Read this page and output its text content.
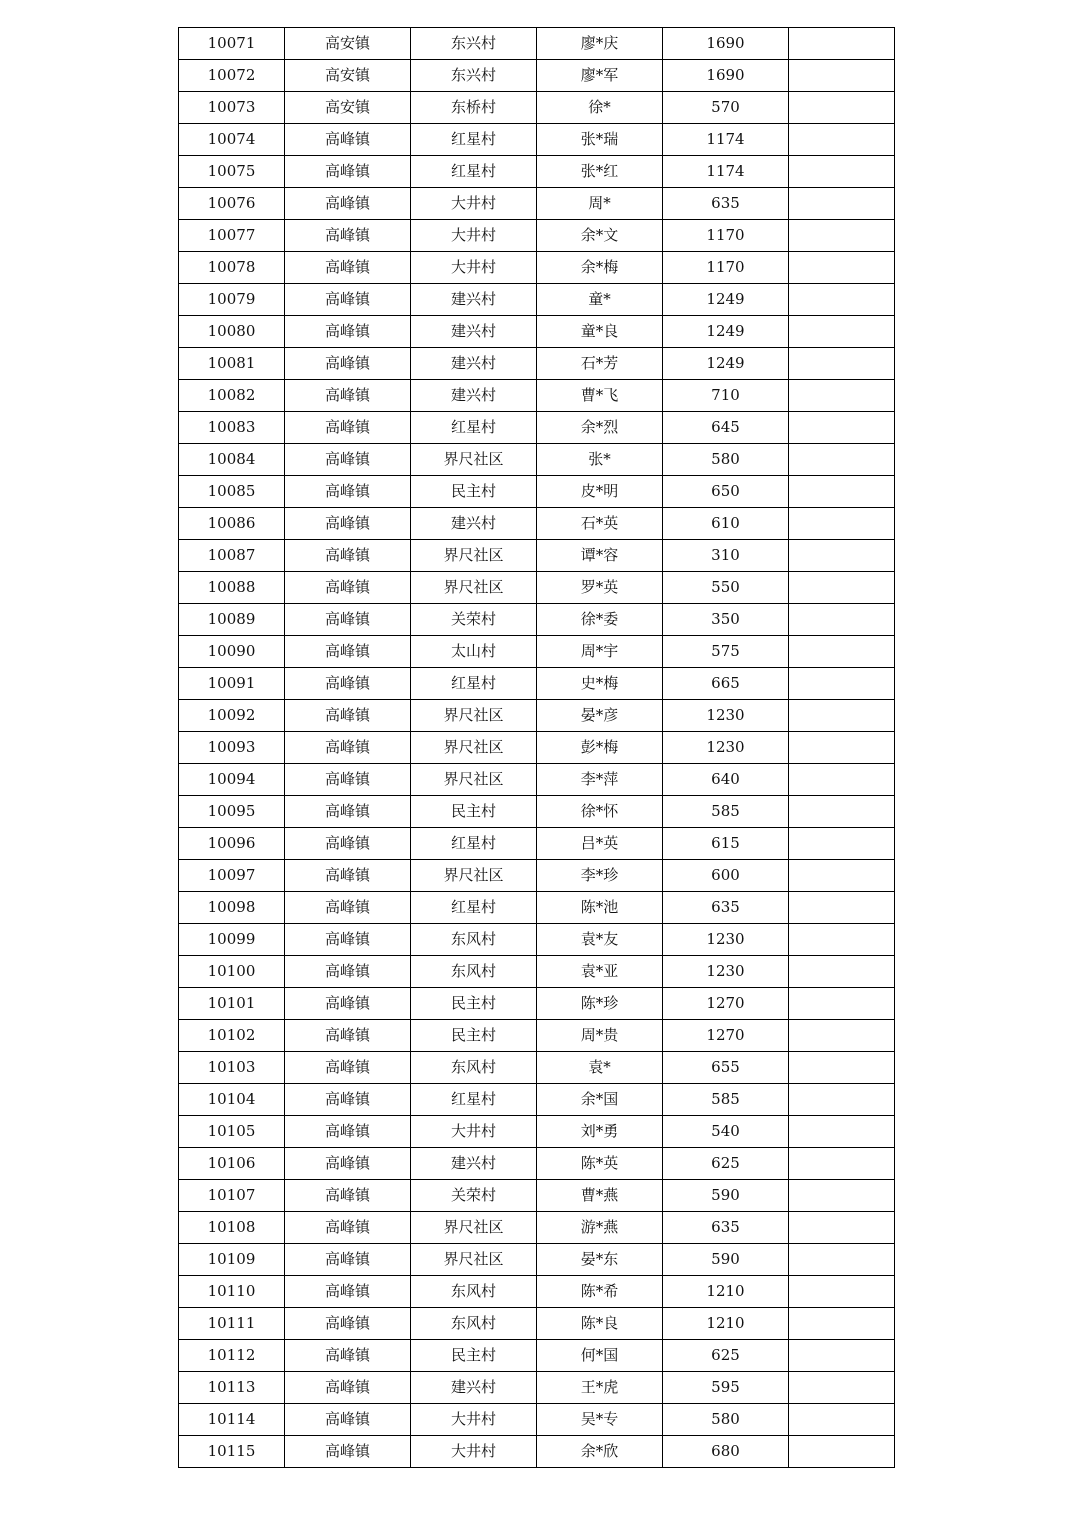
10071	高安镇	东兴村	廖*庆	1690	
10072	高安镇	东兴村	廖*军	1690	
10073	高安镇	东桥村	徐*	570	
10074	高峰镇	红星村	张*瑞	1174	
10075	高峰镇	红星村	张*红	1174	
10076	高峰镇	大井村	周*	635	
10077	高峰镇	大井村	余*文	1170	
10078	高峰镇	大井村	余*梅	1170	
10079	高峰镇	建兴村	童*	1249	
10080	高峰镇	建兴村	童*良	1249	
10081	高峰镇	建兴村	石*芳	1249	
10082	高峰镇	建兴村	曹*飞	710	
10083	高峰镇	红星村	余*烈	645	
10084	高峰镇	界尺社区	张*	580	
10085	高峰镇	民主村	皮*明	650	
10086	高峰镇	建兴村	石*英	610	
10087	高峰镇	界尺社区	谭*容	310	
10088	高峰镇	界尺社区	罗*英	550	
10089	高峰镇	关荣村	徐*委	350	
10090	高峰镇	太山村	周*宇	575	
10091	高峰镇	红星村	史*梅	665	
10092	高峰镇	界尺社区	晏*彦	1230	
10093	高峰镇	界尺社区	彭*梅	1230	
10094	高峰镇	界尺社区	李*萍	640	
10095	高峰镇	民主村	徐*怀	585	
10096	高峰镇	红星村	吕*英	615	
10097	高峰镇	界尺社区	李*珍	600	
10098	高峰镇	红星村	陈*池	635	
10099	高峰镇	东风村	袁*友	1230	
10100	高峰镇	东风村	袁*亚	1230	
10101	高峰镇	民主村	陈*珍	1270	
10102	高峰镇	民主村	周*贵	1270	
10103	高峰镇	东风村	袁*	655	
10104	高峰镇	红星村	余*国	585	
10105	高峰镇	大井村	刘*勇	540	
10106	高峰镇	建兴村	陈*英	625	
10107	高峰镇	关荣村	曹*燕	590	
10108	高峰镇	界尺社区	游*燕	635	
10109	高峰镇	界尺社区	晏*东	590	
10110	高峰镇	东风村	陈*希	1210	
10111	高峰镇	东风村	陈*良	1210	
10112	高峰镇	民主村	何*国	625	
10113	高峰镇	建兴村	王*虎	595	
10114	高峰镇	大井村	吴*专	580	
10115	高峰镇	大井村	余*欣	680	
